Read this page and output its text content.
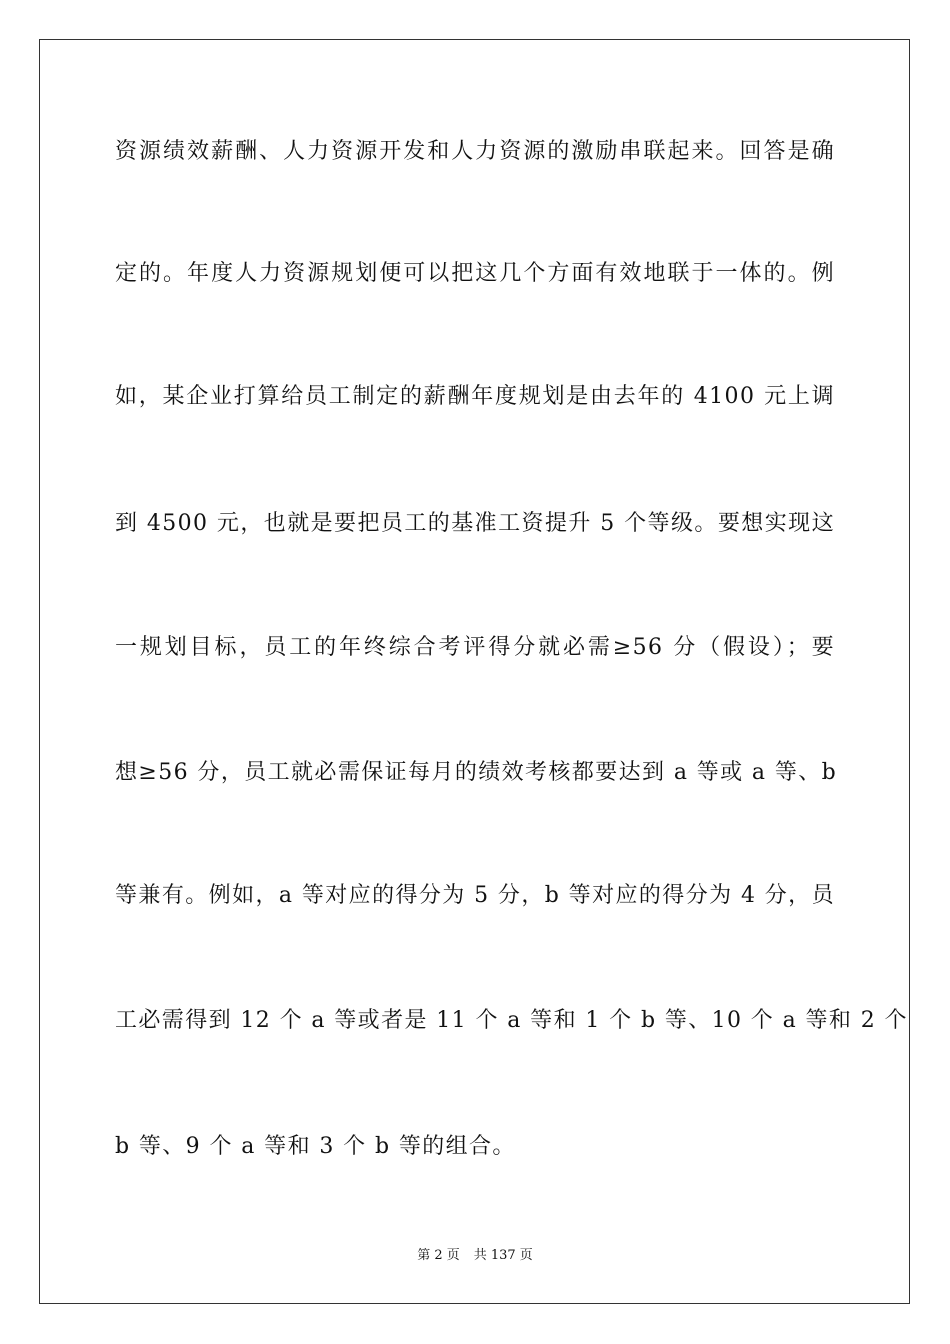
资源绩效薪酬、人力资源开发和人力资源的激励串联起来。回答是确
定的。年度人力资源规划便可以把这几个方面有效地联于一体的。例
如，某企业打算给员工制定的薪酬年度规划是由去年的 4100 元上调
到 4500 元，也就是要把员工的基准工资提升 5 个等级。要想实现这
一规划目标，员工的年终综合考评得分就必需≥56 分（假设）；要
想≥56 分，员工就必需保证每月的绩效考核都要达到 a 等或 a 等、b
等兼有。例如，a 等对应的得分为 5 分，b 等对应的得分为 4 分，员
工必需得到 12 个 a 等或者是 11 个 a 等和 1 个 b 等、10 个 a 等和 2 个
b 等、9 个 a 等和 3 个 b 等的组合。
第 2 页 共 137 页
